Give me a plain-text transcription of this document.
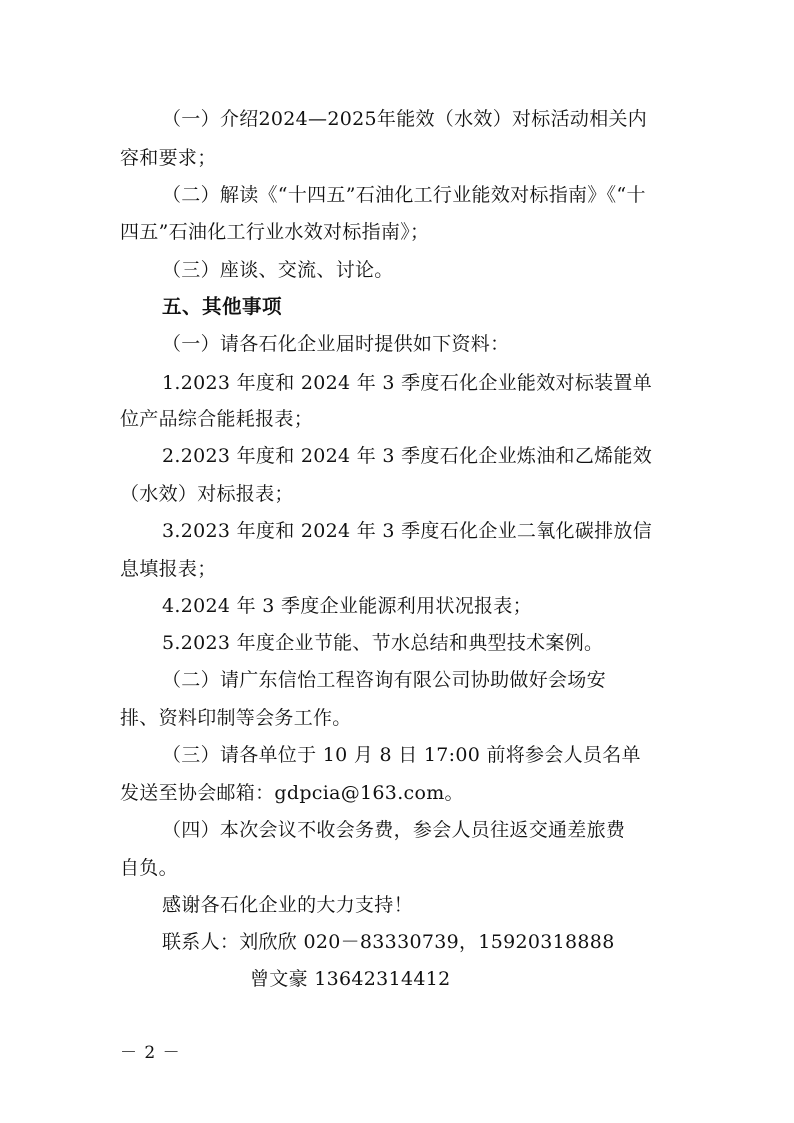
（一）介绍2024—2025年能效（水效）对标活动相关内
容和要求；
（二）解读《“十四五”石油化工行业能效对标指南》《“十
四五”石油化工行业水效对标指南》；
（三）座谈、交流、讨论。
五、其他事项
（一）请各石化企业届时提供如下资料：
1.2023 年度和 2024 年 3 季度石化企业能效对标装置单
位产品综合能耗报表；
2.2023 年度和 2024 年 3 季度石化企业炼油和乙烯能效
（水效）对标报表；
3.2023 年度和 2024 年 3 季度石化企业二氧化碳排放信
息填报表；
4.2024 年 3 季度企业能源利用状况报表；
5.2023 年度企业节能、节水总结和典型技术案例。
（二）请广东信怡工程咨询有限公司协助做好会场安
排、资料印制等会务工作。
（三）请各单位于 10 月 8 日 17:00 前将参会人员名单
发送至协会邮箱：gdpcia@163.com。
（四）本次会议不收会务费，参会人员往返交通差旅费
自负。
感谢各石化企业的大力支持！
联系人：刘欣欣 020－83330739，15920318888
曾文豪 13642314412
－ 2 －
